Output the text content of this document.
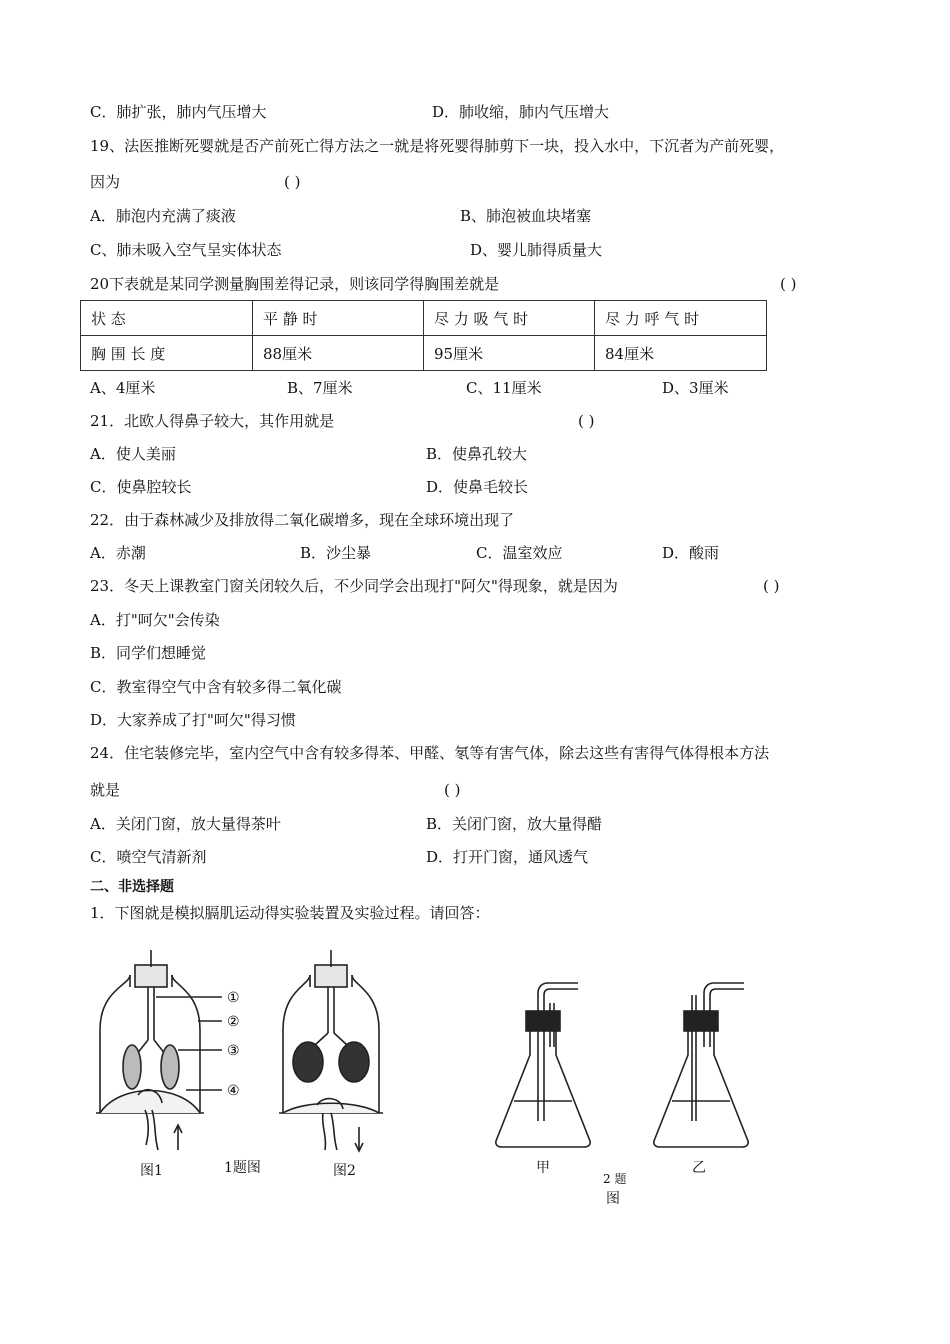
C．肺扩张，肺内气压增大	D．肺收缩，肺内气压增大
19、法医推断死婴就是否产前死亡得方法之一就是将死婴得肺剪下一块，投入水中，下沉者为产前死婴，
因为	( )
A．肺泡内充满了痰液	B、肺泡被血块堵塞
C、肺未吸入空气呈实体状态	D、婴儿肺得质量大
20下表就是某同学测量胸围差得记录，则该同学得胸围差就是	( )
状 态	平 静 时	尽 力 吸 气 时	尽 力 呼 气 时
胸 围 长 度	88厘米	95厘米	84厘米
A、4厘米	B、7厘米	C、11厘米	D、3厘米
21．北欧人得鼻子较大，其作用就是	( )
A．使人美丽	B．使鼻孔较大
C．使鼻腔较长	D．使鼻毛较长
22．由于森林减少及排放得二氧化碳增多，现在全球环境出现了
A．赤潮	B．沙尘暴	C．温室效应	D．酸雨
23．冬天上课教室门窗关闭较久后，不少同学会出现打"阿欠"得现象，就是因为	( )
A．打"呵欠"会传染
B．同学们想睡觉
C．教室得空气中含有较多得二氧化碳
D．大家养成了打"呵欠"得习惯
24．住宅装修完毕，室内空气中含有较多得苯、甲醛、氡等有害气体，除去这些有害得气体得根本方法
就是	( )
A．关闭门窗，放大量得茶叶	B．关闭门窗，放大量得醋
C．喷空气清新剂	D．打开门窗，通风透气
二、非选择题
1．下图就是模拟膈肌运动得实验装置及实验过程。请回答：
①
②
③
④
图1	1题图	图2	甲	乙
2 题
图
